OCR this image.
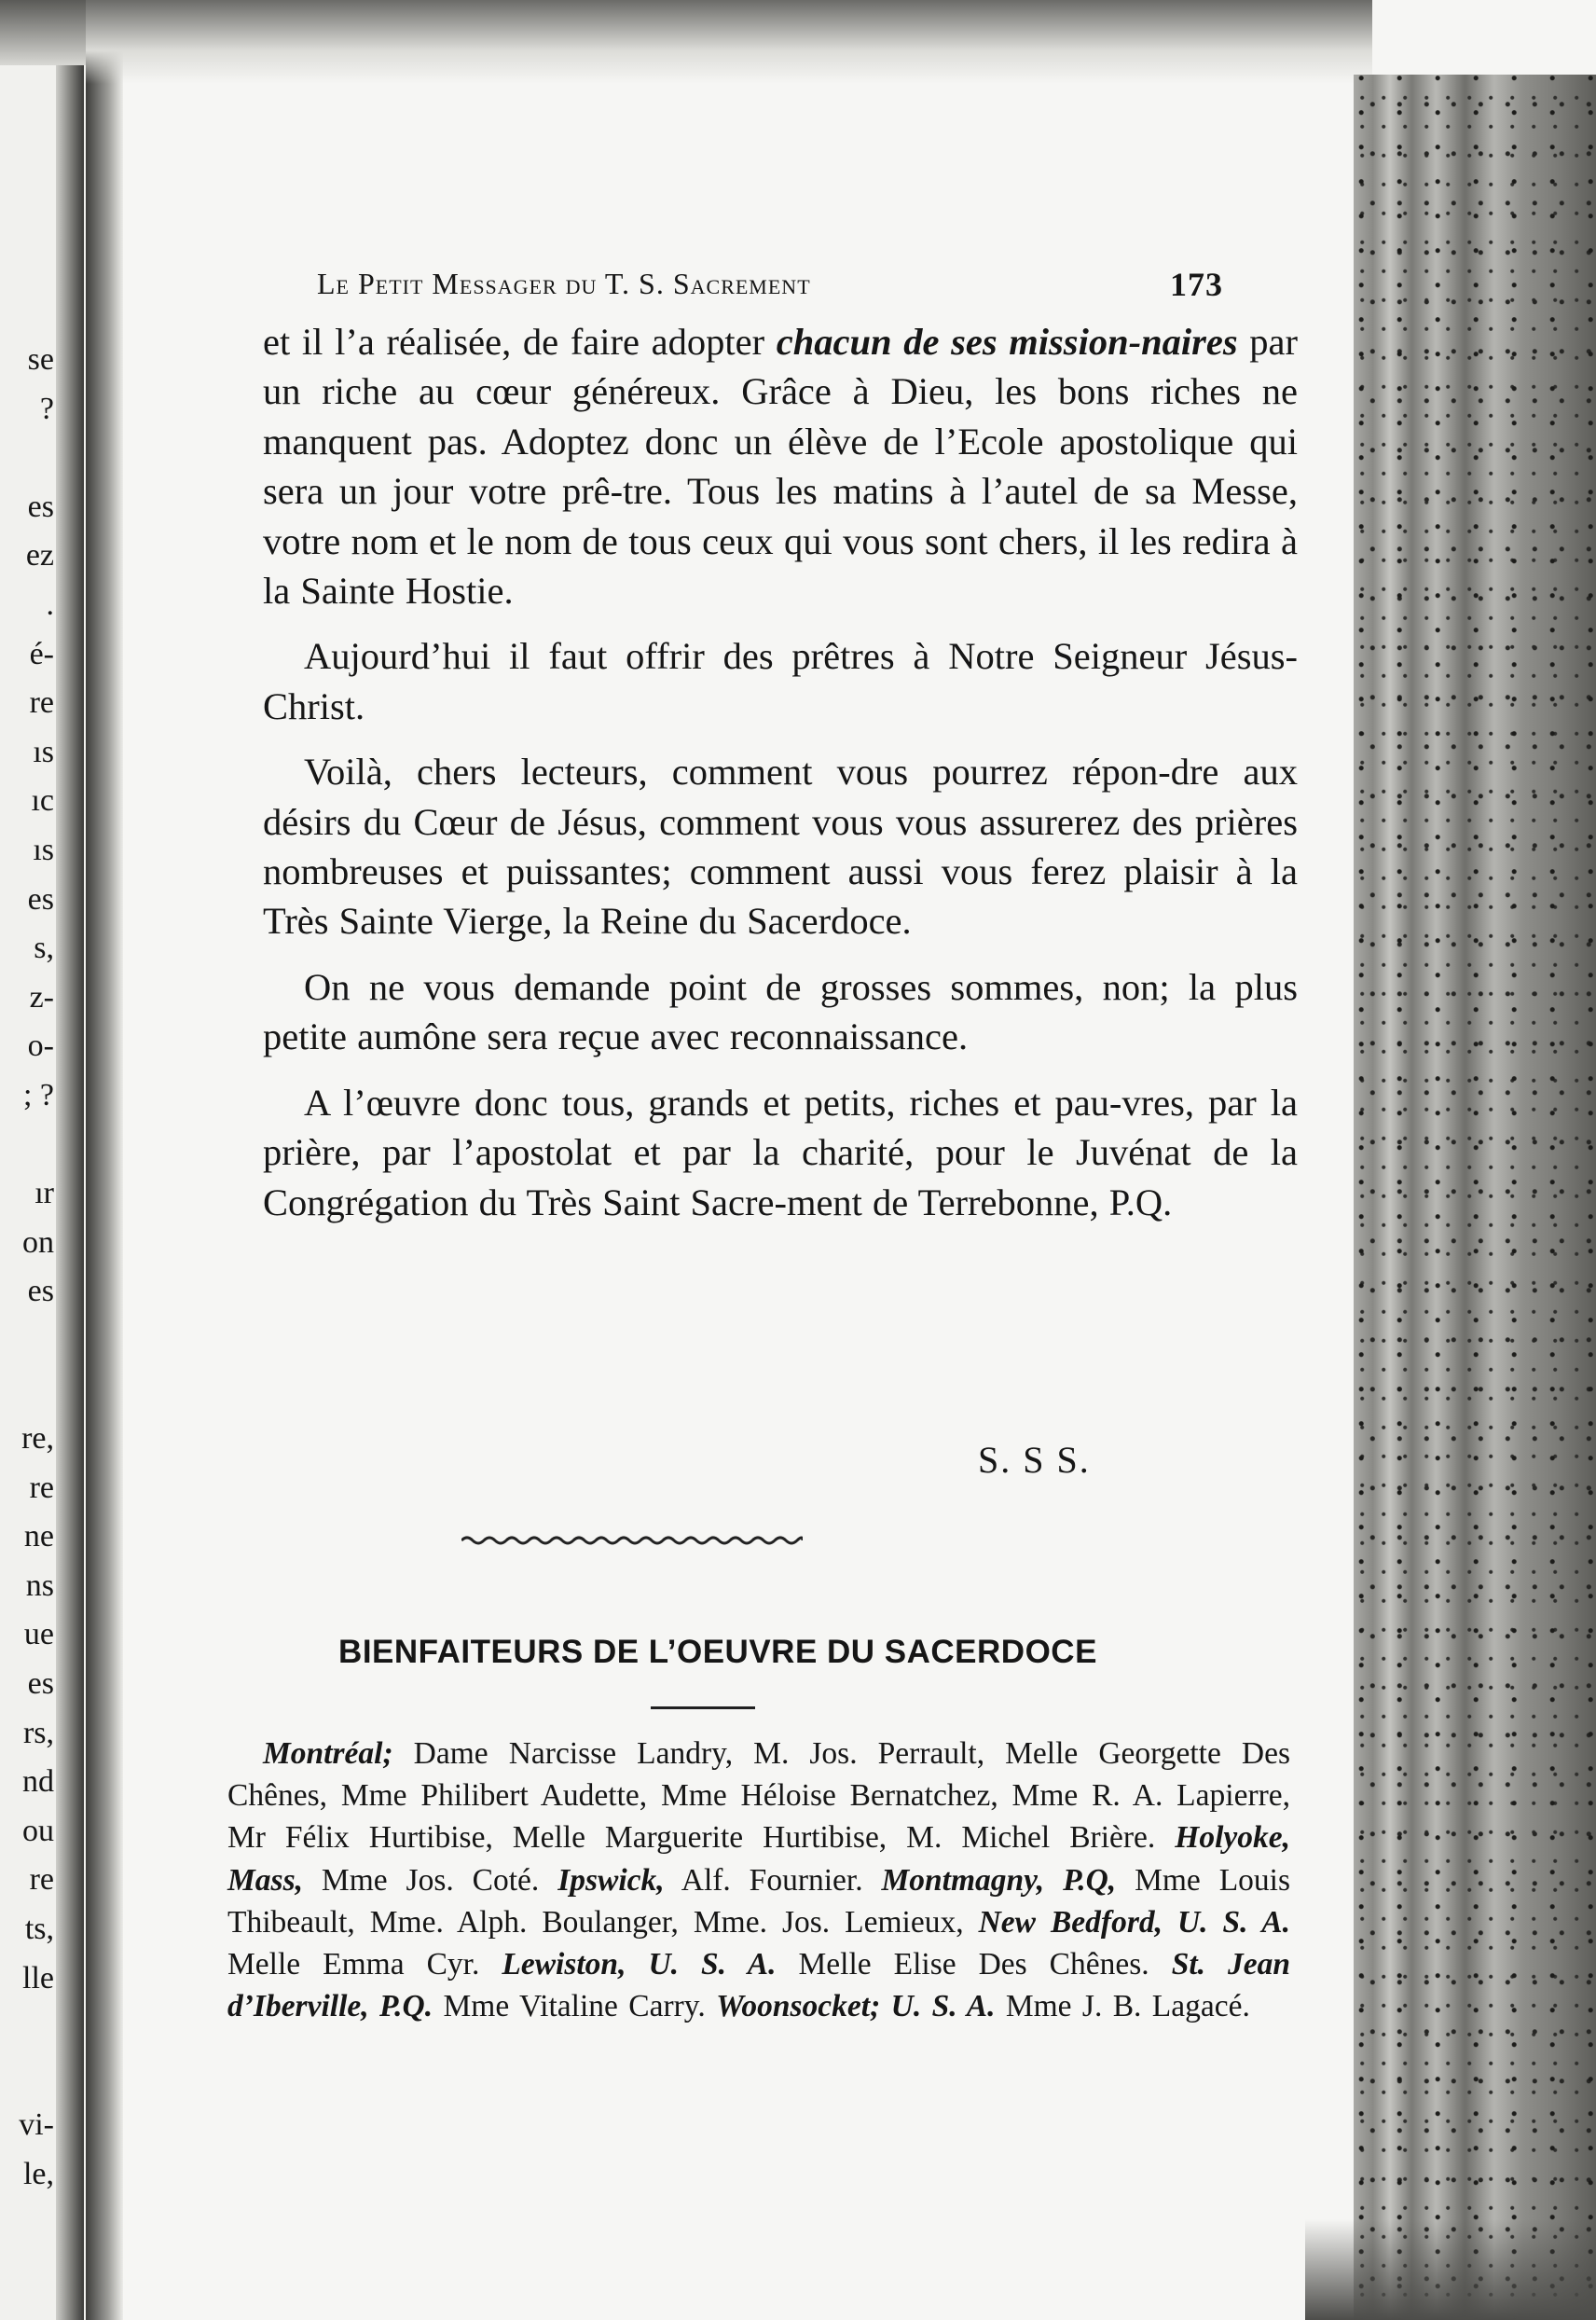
se
?

es
ez
.
é-
re
ıs
ıc
ıs
es
s,
z-
o-
; ?

ır
on
es

re,
re
ne
ns
ue
es
rs,
nd
ou
re
ts,
lle

vi-
le,
Le Petit Messager du T. S. Sacrement	173

et il l’a réalisée, de faire adopter chacun de ses mission-naires par un riche au cœur généreux. Grâce à Dieu, les bons riches ne manquent pas. Adoptez donc un élève de l’Ecole apostolique qui sera un jour votre prê-tre. Tous les matins à l’autel de sa Messe, votre nom et le nom de tous ceux qui vous sont chers, il les redira à la Sainte Hostie.

Aujourd’hui il faut offrir des prêtres à Notre Seigneur Jésus-Christ.

Voilà, chers lecteurs, comment vous pourrez répon-dre aux désirs du Cœur de Jésus, comment vous vous assurerez des prières nombreuses et puissantes; comment aussi vous ferez plaisir à la Très Sainte Vierge, la Reine du Sacerdoce.

On ne vous demande point de grosses sommes, non; la plus petite aumône sera reçue avec reconnaissance.

A l’œuvre donc tous, grands et petits, riches et pau-vres, par la prière, par l’apostolat et par la charité, pour le Juvénat de la Congrégation du Très Saint Sacre-ment de Terrebonne, P.Q.

S. S S.
BIENFAITEURS DE L’OEUVRE DU SACERDOCE

Montréal; Dame Narcisse Landry, M. Jos. Perrault, Melle Georgette Des Chênes, Mme Philibert Audette, Mme Héloise Bernatchez, Mme R. A. Lapierre, Mr Félix Hurtibise, Melle Marguerite Hurtibise, M. Michel Brière. Holyoke, Mass, Mme Jos. Coté. Ipswick, Alf. Fournier. Montmagny, P.Q, Mme Louis Thibeault, Mme. Alph. Boulanger, Mme. Jos. Lemieux, New Bedford, U. S. A. Melle Emma Cyr. Lewiston, U. S. A. Melle Elise Des Chênes. St. Jean d’Iberville, P.Q. Mme Vitaline Carry. Woonsocket; U. S. A. Mme J. B. Lagacé.
